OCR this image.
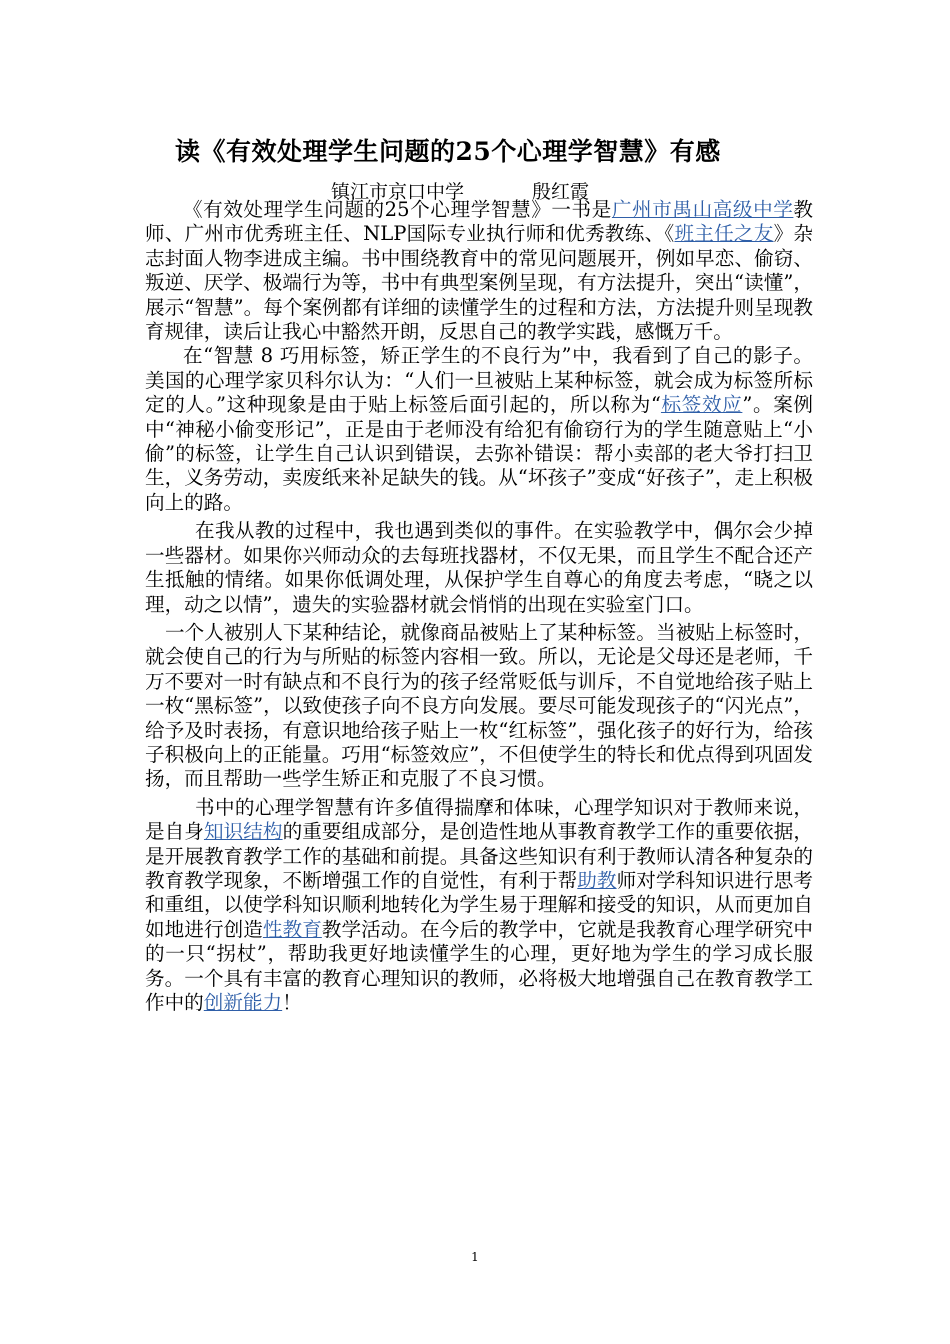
读《有效处理学生问题的25个心理学智慧》有感
镇江市京口中学	殷红霞

《有效处理学生问题的25个心理学智慧》一书是广州市禺山高级中学教师、广州市优秀班主任、NLP国际专业执行师和优秀教练、《班主任之友》杂志封面人物李进成主编。书中围绕教育中的常见问题展开，例如早恋、偷窃、叛逆、厌学、极端行为等，书中有典型案例呈现，有方法提升，突出“读懂”，展示“智慧”。每个案例都有详细的读懂学生的过程和方法，方法提升则呈现教育规律，读后让我心中豁然开朗，反思自己的教学实践，感慨万千。

在“智慧 8 巧用标签，矫正学生的不良行为”中，我看到了自己的影子。美国的心理学家贝科尔认为：“人们一旦被贴上某种标签，就会成为标签所标定的人。”这种现象是由于贴上标签后面引起的，所以称为“标签效应”。案例中“神秘小偷变形记”，正是由于老师没有给犯有偷窃行为的学生随意贴上“小偷”的标签，让学生自己认识到错误，去弥补错误：帮小卖部的老大爷打扫卫生，义务劳动，卖废纸来补足缺失的钱。从“坏孩子”变成“好孩子”，走上积极向上的路。

在我从教的过程中，我也遇到类似的事件。在实验教学中，偶尔会少掉一些器材。如果你兴师动众的去每班找器材，不仅无果，而且学生不配合还产生抵触的情绪。如果你低调处理，从保护学生自尊心的角度去考虑，“晓之以理，动之以情”，遗失的实验器材就会悄悄的出现在实验室门口。

一个人被别人下某种结论，就像商品被贴上了某种标签。当被贴上标签时，就会使自己的行为与所贴的标签内容相一致。所以，无论是父母还是老师，千万不要对一时有缺点和不良行为的孩子经常贬低与训斥，不自觉地给孩子贴上一枚“黑标签”，以致使孩子向不良方向发展。要尽可能发现孩子的“闪光点”，给予及时表扬，有意识地给孩子贴上一枚“红标签”，强化孩子的好行为，给孩子积极向上的正能量。巧用“标签效应”，不但使学生的特长和优点得到巩固发扬，而且帮助一些学生矫正和克服了不良习惯。

书中的心理学智慧有许多值得揣摩和体味，心理学知识对于教师来说，是自身知识结构的重要组成部分，是创造性地从事教育教学工作的重要依据，是开展教育教学工作的基础和前提。具备这些知识有利于教师认清各种复杂的教育教学现象，不断增强工作的自觉性，有利于帮助教师对学科知识进行思考和重组，以使学科知识顺利地转化为学生易于理解和接受的知识，从而更加自如地进行创造性教育教学活动。在今后的教学中，它就是我教育心理学研究中的一只“拐杖”，帮助我更好地读懂学生的心理，更好地为学生的学习成长服务。一个具有丰富的教育心理知识的教师，必将极大地增强自己在教育教学工作中的创新能力！

1
